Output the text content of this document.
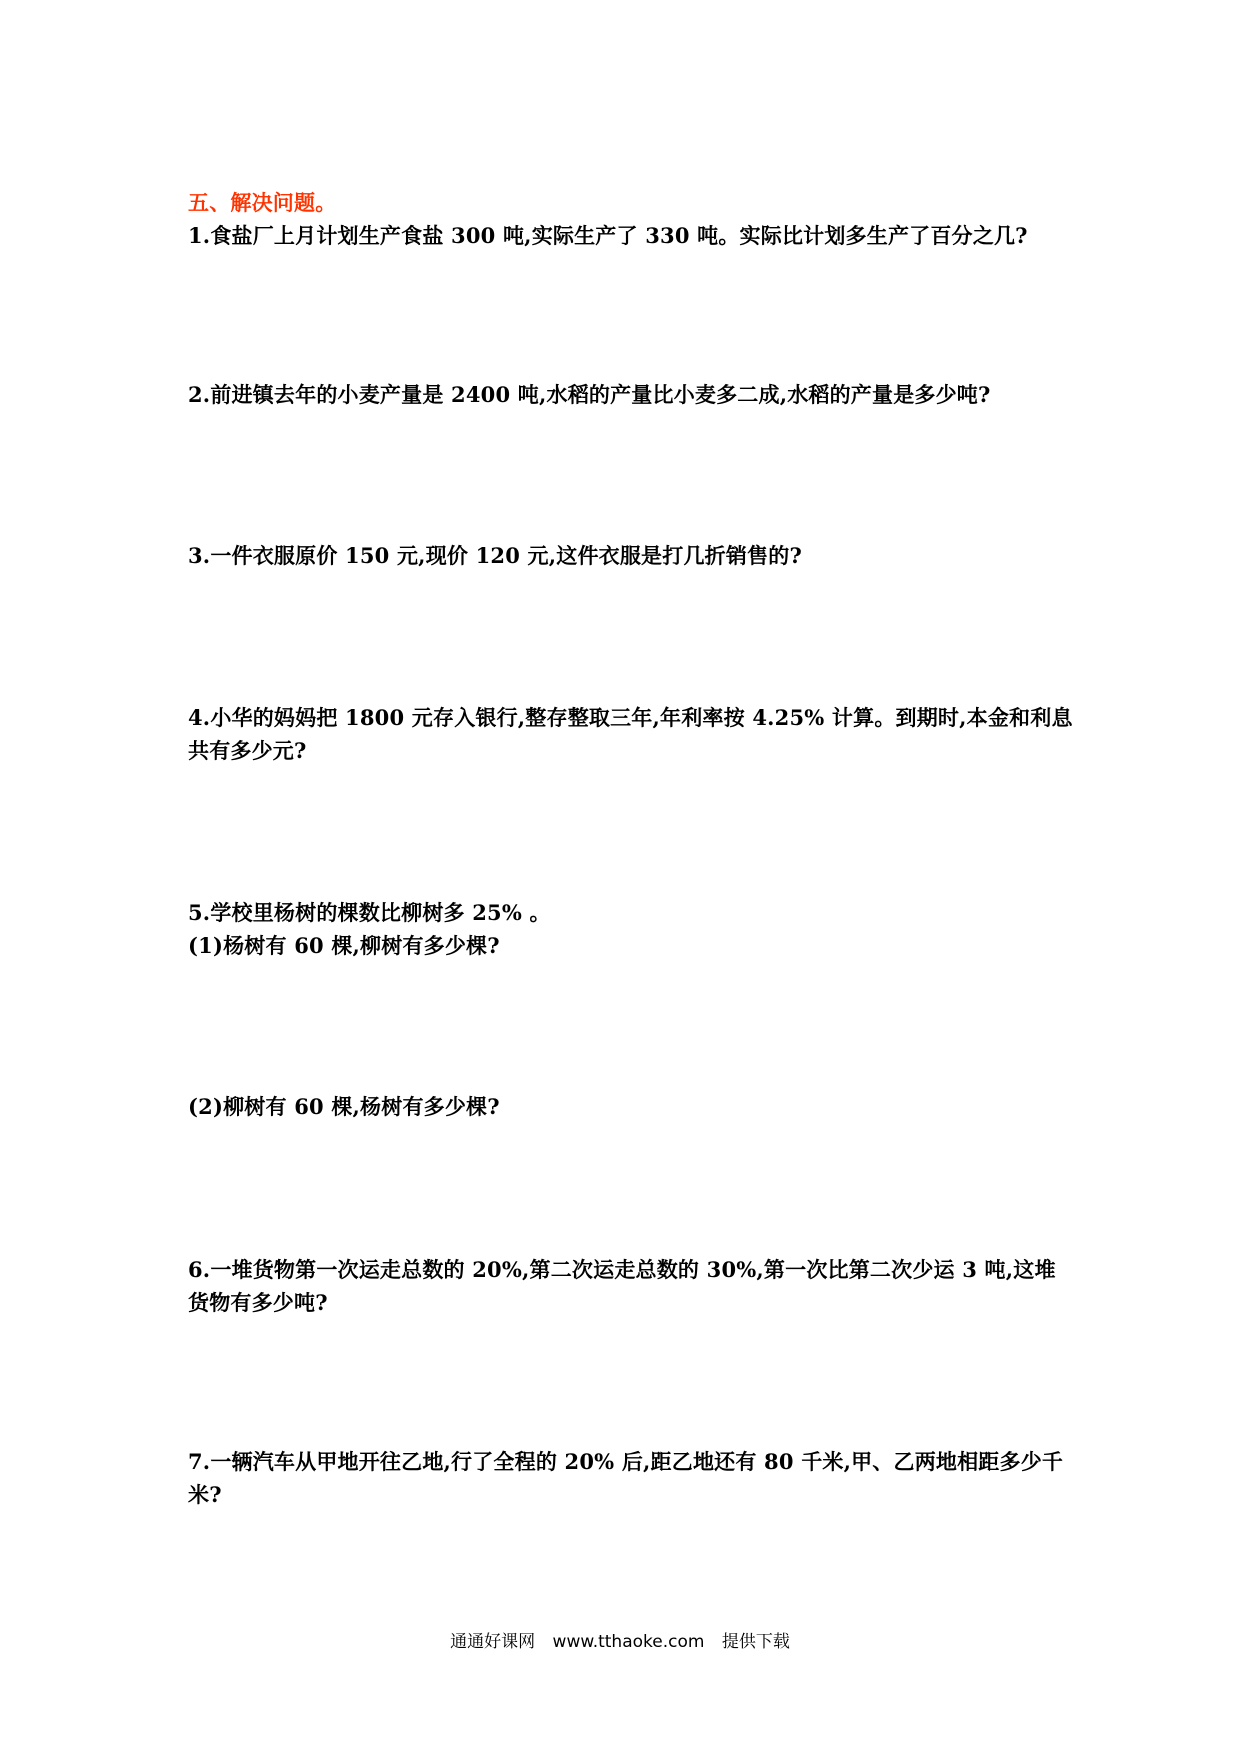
五、解决问题。
1.食盐厂上月计划生产食盐 300 吨,实际生产了 330 吨。实际比计划多生产了百分之几?
2.前进镇去年的小麦产量是 2400 吨,水稻的产量比小麦多二成,水稻的产量是多少吨?
3.一件衣服原价 150 元,现价 120 元,这件衣服是打几折销售的?
4.小华的妈妈把 1800 元存入银行,整存整取三年,年利率按 4.25% 计算。到期时,本金和利息
共有多少元?
5.学校里杨树的棵数比柳树多 25% 。
(1)杨树有 60 棵,柳树有多少棵?
(2)柳树有 60 棵,杨树有多少棵?
6.一堆货物第一次运走总数的 20%,第二次运走总数的 30%,第一次比第二次少运 3 吨,这堆
货物有多少吨?
7.一辆汽车从甲地开往乙地,行了全程的 20% 后,距乙地还有 80 千米,甲、乙两地相距多少千
米?
通通好课网 www.tthaoke.com 提供下载
